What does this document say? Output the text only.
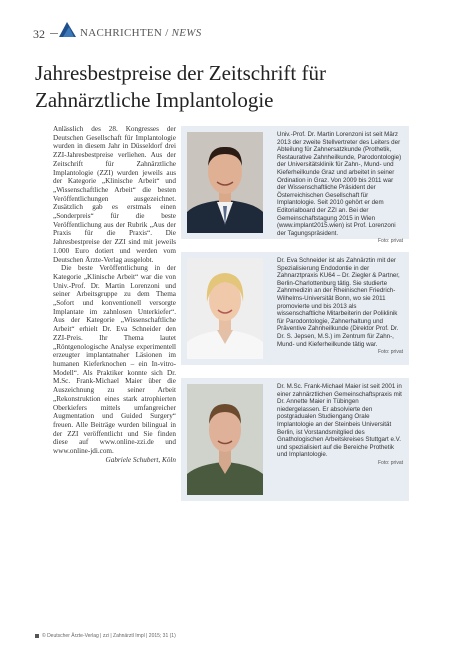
32	NACHRICHTEN / NEWS
Jahresbestpreise der Zeitschrift für Zahnärztliche Implantologie

Anlässlich des 28. Kongresses der Deutschen Gesellschaft für Implantologie wurden in diesem Jahr in Düsseldorf drei ZZI-Jahresbestpreise verliehen. Aus der Zeitschrift für Zahnärztliche Implantologie (ZZI) wurden jeweils aus der Kategorie „Klinische Arbeit“ und „Wissenschaftliche Arbeit“ die besten Veröffentlichungen ausgezeichnet. Zusätzlich gab es erstmals einen „Sonderpreis“ für die beste Veröffentlichung aus der Rubrik „Aus der Praxis für die Praxis“. Die Jahresbestpreise der ZZI sind mit jeweils 1.000 Euro dotiert und werden vom Deutschen Ärzte-Verlag ausgelobt.

Die beste Veröffentlichung in der Kategorie „Klinische Arbeit“ war die von Univ.-Prof. Dr. Martin Lorenzoni und seiner Arbeitsgruppe zu dem Thema „Sofort und konventionell versorgte Implantate im zahnlosen Unterkiefer“. Aus der Kategorie „Wissenschaftliche Arbeit“ erhielt Dr. Eva Schneider den ZZI-Preis. Ihr Thema lautet „Röntgenologische Analyse experimentell erzeugter implantatnaher Läsionen im humanen Kieferknochen – ein In-vitro-Modell“. Als Praktiker konnte sich Dr. M.Sc. Frank-Michael Maier über die Auszeichnung zu seiner Arbeit „Rekonstruktion eines stark atrophierten Oberkiefers mittels umfangreicher Augmentation und Guided Surgery“ freuen. Alle Beiträge wurden bilingual in der ZZI veröffentlicht und Sie finden diese auf www.online-zzi.de und www.online-jdi.com.

Gabriele Schubert, Köln

Univ.-Prof. Dr. Martin Lorenzoni ist seit März 2013 der zweite Stellvertreter des Leiters der Abteilung für Zahnersatzkunde (Prothetik, Restaurative Zahnheilkunde, Parodontologie) der Universitätsklinik für Zahn-, Mund- und Kieferheilkunde Graz und arbeitet in seiner Ordination in Graz. Von 2009 bis 2011 war der Wissenschaftliche Präsident der Österreichischen Gesellschaft für Implantologie. Seit 2010 gehört er dem Editorialboard der ZZI an. Bei der Gemeinschaftstagung 2015 in Wien (www.implant2015.wien) ist Prof. Lorenzoni der Tagungspräsident.
Foto: privat
Dr. Eva Schneider ist als Zahnärztin mit der Spezialisierung Endodontie in der Zahnarztpraxis KU64 – Dr. Ziegler & Partner, Berlin-Charlottenburg tätig. Sie studierte Zahnmedizin an der Rheinischen Friedrich-Wilhelms-Universität Bonn, wo sie 2011 promovierte und bis 2013 als wissenschaftliche Mitarbeiterin der Poliklinik für Parodontologie, Zahnerhaltung und Präventive Zahnheilkunde (Direktor Prof. Dr. Dr. S. Jepsen, M.S.) im Zentrum für Zahn-, Mund- und Kieferheilkunde tätig war.
Foto: privat
Dr. M.Sc. Frank-Michael Maier ist seit 2001 in einer zahnärztlichen Gemeinschaftspraxis mit Dr. Annette Maier in Tübingen niedergelassen. Er absolvierte den postgradualen Studiengang Orale Implantologie an der Steinbeis Universität Berlin, ist Vorstandsmitglied des Gnathologischen Arbeitskreises Stuttgart e.V. und spezialisiert auf die Bereiche Prothetik und Implantologie.
Foto: privat
© Deutscher Ärzte-Verlag | zzi | Zahnärztl Impl | 2015; 31 (1)
